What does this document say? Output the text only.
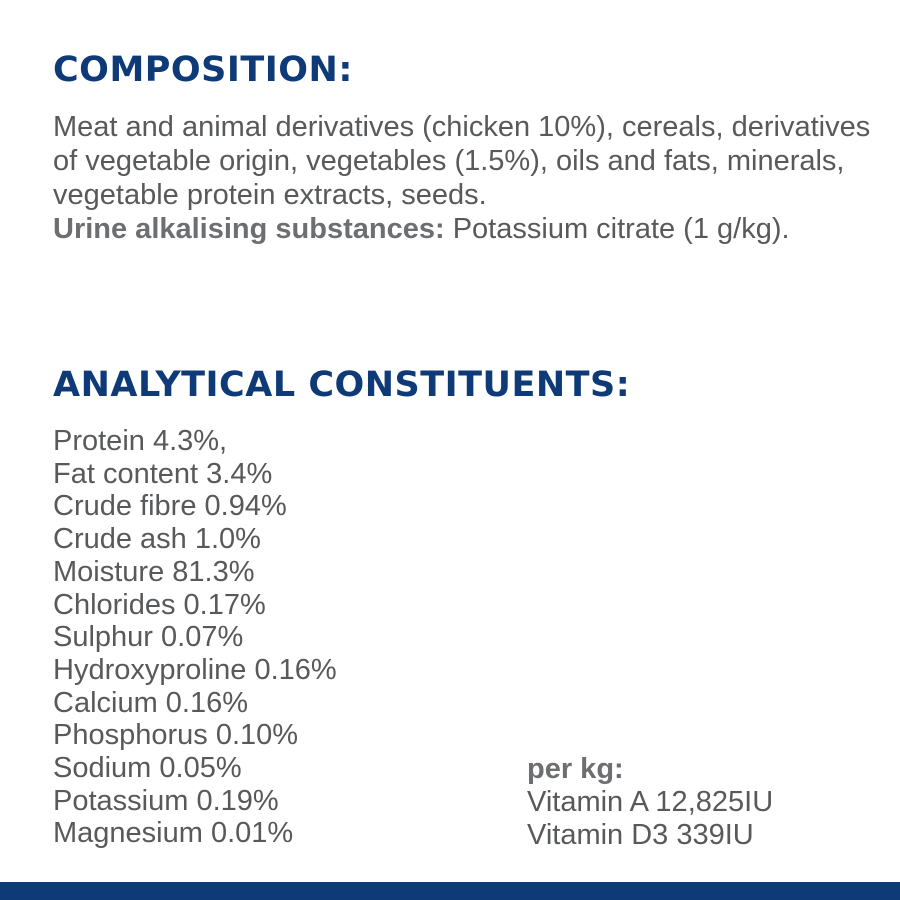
COMPOSITION:

Meat and animal derivatives (chicken 10%), cereals, derivatives of vegetable origin, vegetables (1.5%), oils and fats, minerals, vegetable protein extracts, seeds.

Urine alkalising substances: Potassium citrate (1 g/kg).

ANALYTICAL CONSTITUENTS:
Protein 4.3%,
Fat content 3.4%
Crude fibre 0.94%
Crude ash 1.0%
Moisture 81.3%
Chlorides 0.17%
Sulphur 0.07%
Hydroxyproline 0.16%
Calcium 0.16%
Phosphorus 0.10%
Sodium 0.05%
Potassium 0.19%
Magnesium 0.01%
per kg:
Vitamin A 12,825IU
Vitamin D3 339IU
